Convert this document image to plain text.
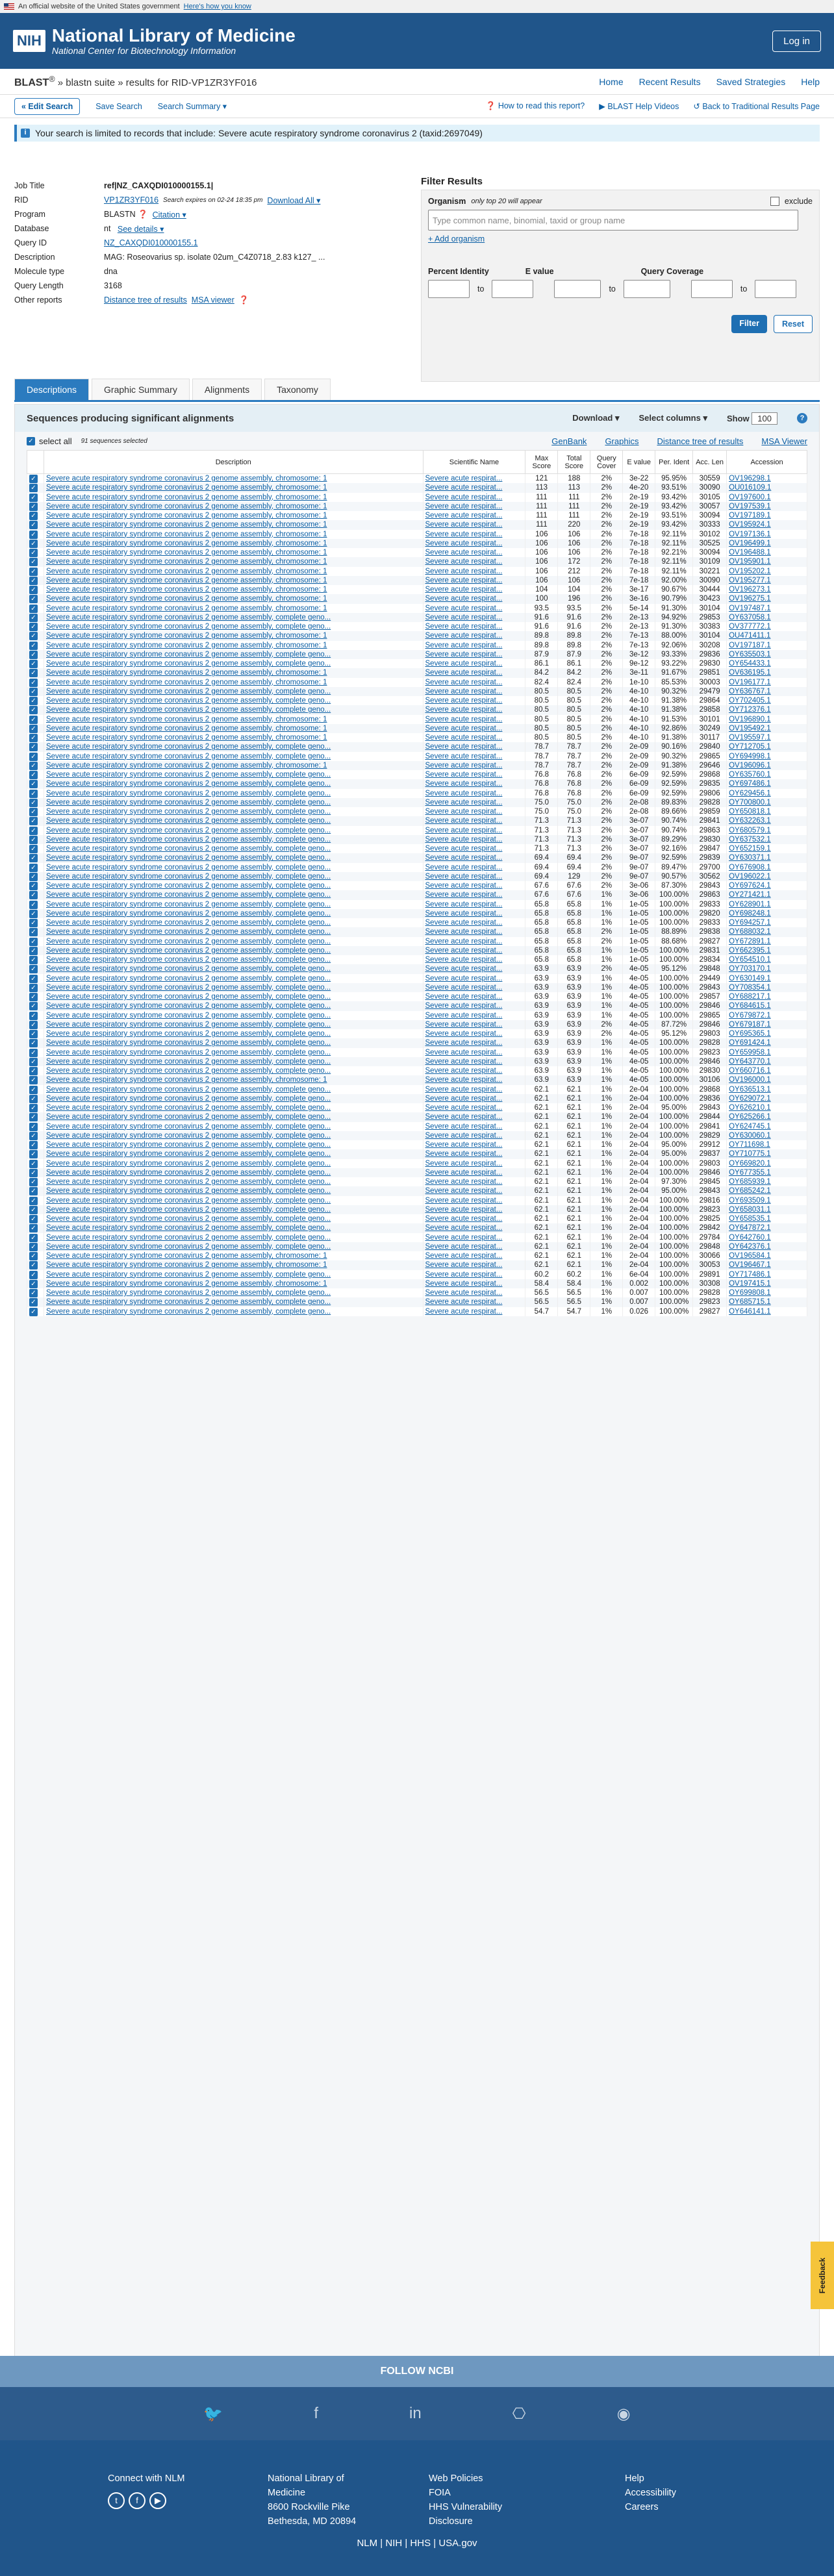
An official website of the United States government Here's how you know
NIH National Library of Medicine
National Center for Biotechnology Information
Log in
BLAST® » blastn suite » results for RID-VP1ZR3YF016	Home Recent Results Saved Strategies Help
« Edit Search	Save Search Search Summary ▾	❓ How to read this report? ▶ BLAST Help Videos ↺ Back to Traditional Results Page
i Your search is limited to records that include: Severe acute respiratory syndrome coronavirus 2 (taxid:2697049)
Job Title	ref|NZ_CAXQDI010000155.1|
RID	VP1ZR3YF016
Search expires on 02-24 18:35 pm
Download All ▾
Program	BLASTN
❓
Citation ▾
Database	nt
See details ▾
Query ID	NZ_CAXQDI010000155.1
Description	MAG: Roseovarius sp. isolate 02um_C4Z0718_2.83 k127_ ...
Molecule type	dna
Query Length	3168
Other reports	Distance tree of results
MSA viewer
❓
Filter Results
Organism only top 20 will appear	exclude
Type common name, binomial, taxid or group name
+ Add organism
Percent Identity	E value	Query Coverage
to	to	to
Filter	Reset
Descriptions	Graphic Summary	Alignments	Taxonomy
Sequences producing significant alignments	Download ▾ Select columns ▾ Show 100	?
✓ select all 91 sequences selected	GenBank Graphics Distance tree of results MSA Viewer
	Description	Scientific Name	Max Score	Total Score	Query Cover	E value	Per. Ident	Acc. Len	Accession
✓	Severe acute respiratory syndrome coronavirus 2 genome assembly, chromosome: 1	Severe acute respirat...	121	188	2%	3e-22	95.95%	30559	OV196298.1
✓	Severe acute respiratory syndrome coronavirus 2 genome assembly, chromosome: 1	Severe acute respirat...	113	113	2%	4e-20	93.51%	30090	OU016109.1
✓	Severe acute respiratory syndrome coronavirus 2 genome assembly, chromosome: 1	Severe acute respirat...	111	111	2%	2e-19	93.42%	30105	OV197600.1
✓	Severe acute respiratory syndrome coronavirus 2 genome assembly, chromosome: 1	Severe acute respirat...	111	111	2%	2e-19	93.42%	30057	OV197539.1
✓	Severe acute respiratory syndrome coronavirus 2 genome assembly, chromosome: 1	Severe acute respirat...	111	111	2%	2e-19	93.51%	30094	OV197189.1
✓	Severe acute respiratory syndrome coronavirus 2 genome assembly, chromosome: 1	Severe acute respirat...	111	220	2%	2e-19	93.42%	30333	OV195924.1
✓	Severe acute respiratory syndrome coronavirus 2 genome assembly, chromosome: 1	Severe acute respirat...	106	106	2%	7e-18	92.11%	30102	OV197136.1
✓	Severe acute respiratory syndrome coronavirus 2 genome assembly, chromosome: 1	Severe acute respirat...	106	106	2%	7e-18	92.11%	30525	OV196499.1
✓	Severe acute respiratory syndrome coronavirus 2 genome assembly, chromosome: 1	Severe acute respirat...	106	106	2%	7e-18	92.21%	30094	OV196488.1
✓	Severe acute respiratory syndrome coronavirus 2 genome assembly, chromosome: 1	Severe acute respirat...	106	172	2%	7e-18	92.11%	30109	OV195901.1
✓	Severe acute respiratory syndrome coronavirus 2 genome assembly, chromosome: 1	Severe acute respirat...	106	212	2%	7e-18	92.11%	30221	OV195202.1
✓	Severe acute respiratory syndrome coronavirus 2 genome assembly, chromosome: 1	Severe acute respirat...	106	106	2%	7e-18	92.00%	30090	OV195277.1
✓	Severe acute respiratory syndrome coronavirus 2 genome assembly, chromosome: 1	Severe acute respirat...	104	104	2%	3e-17	90.67%	30444	OV196273.1
✓	Severe acute respiratory syndrome coronavirus 2 genome assembly, chromosome: 1	Severe acute respirat...	100	196	2%	3e-16	90.79%	30423	OV196275.1
✓	Severe acute respiratory syndrome coronavirus 2 genome assembly, chromosome: 1	Severe acute respirat...	93.5	93.5	2%	5e-14	91.30%	30104	OV197487.1
✓	Severe acute respiratory syndrome coronavirus 2 genome assembly, complete geno...	Severe acute respirat...	91.6	91.6	2%	2e-13	94.92%	29853	OY637058.1
✓	Severe acute respiratory syndrome coronavirus 2 genome assembly, complete geno...	Severe acute respirat...	91.6	91.6	2%	2e-13	91.30%	30383	OV377772.1
✓	Severe acute respiratory syndrome coronavirus 2 genome assembly, chromosome: 1	Severe acute respirat...	89.8	89.8	2%	7e-13	88.00%	30104	OU471411.1
✓	Severe acute respiratory syndrome coronavirus 2 genome assembly, chromosome: 1	Severe acute respirat...	89.8	89.8	2%	7e-13	92.06%	30208	OV197187.1
✓	Severe acute respiratory syndrome coronavirus 2 genome assembly, complete geno...	Severe acute respirat...	87.9	87.9	2%	3e-12	93.33%	29836	OY635503.1
✓	Severe acute respiratory syndrome coronavirus 2 genome assembly, complete geno...	Severe acute respirat...	86.1	86.1	2%	9e-12	93.22%	29830	OY654433.1
✓	Severe acute respiratory syndrome coronavirus 2 genome assembly, chromosome: 1	Severe acute respirat...	84.2	84.2	2%	3e-11	91.67%	29851	OV636195.1
✓	Severe acute respiratory syndrome coronavirus 2 genome assembly, chromosome: 1	Severe acute respirat...	82.4	82.4	2%	1e-10	85.53%	30003	OV196177.1
✓	Severe acute respiratory syndrome coronavirus 2 genome assembly, complete geno...	Severe acute respirat...	80.5	80.5	2%	4e-10	90.32%	29479	OY636767.1
✓	Severe acute respiratory syndrome coronavirus 2 genome assembly, complete geno...	Severe acute respirat...	80.5	80.5	2%	4e-10	91.38%	29864	OY702405.1
✓	Severe acute respiratory syndrome coronavirus 2 genome assembly, complete geno...	Severe acute respirat...	80.5	80.5	2%	4e-10	91.38%	29858	OY712376.1
✓	Severe acute respiratory syndrome coronavirus 2 genome assembly, chromosome: 1	Severe acute respirat...	80.5	80.5	2%	4e-10	91.53%	30101	OV196890.1
✓	Severe acute respiratory syndrome coronavirus 2 genome assembly, chromosome: 1	Severe acute respirat...	80.5	80.5	2%	4e-10	92.86%	30249	OV195492.1
✓	Severe acute respiratory syndrome coronavirus 2 genome assembly, chromosome: 1	Severe acute respirat...	80.5	80.5	2%	4e-10	91.38%	30117	OV195597.1
✓	Severe acute respiratory syndrome coronavirus 2 genome assembly, complete geno...	Severe acute respirat...	78.7	78.7	2%	2e-09	90.16%	29840	OY712705.1
✓	Severe acute respiratory syndrome coronavirus 2 genome assembly, complete geno...	Severe acute respirat...	78.7	78.7	2%	2e-09	90.32%	29865	OY694998.1
✓	Severe acute respiratory syndrome coronavirus 2 genome assembly, chromosome: 1	Severe acute respirat...	78.7	78.7	2%	2e-09	91.38%	29646	OV196096.1
✓	Severe acute respiratory syndrome coronavirus 2 genome assembly, complete geno...	Severe acute respirat...	76.8	76.8	2%	6e-09	92.59%	29868	OY635760.1
✓	Severe acute respiratory syndrome coronavirus 2 genome assembly, complete geno...	Severe acute respirat...	76.8	76.8	2%	6e-09	92.59%	29835	OY697486.1
✓	Severe acute respiratory syndrome coronavirus 2 genome assembly, complete geno...	Severe acute respirat...	76.8	76.8	2%	6e-09	92.59%	29806	OY629456.1
✓	Severe acute respiratory syndrome coronavirus 2 genome assembly, complete geno...	Severe acute respirat...	75.0	75.0	2%	2e-08	89.83%	29828	OY700800.1
✓	Severe acute respiratory syndrome coronavirus 2 genome assembly, complete geno...	Severe acute respirat...	75.0	75.0	2%	2e-08	89.66%	29859	OY650818.1
✓	Severe acute respiratory syndrome coronavirus 2 genome assembly, complete geno...	Severe acute respirat...	71.3	71.3	2%	3e-07	90.74%	29841	OY632263.1
✓	Severe acute respiratory syndrome coronavirus 2 genome assembly, complete geno...	Severe acute respirat...	71.3	71.3	2%	3e-07	90.74%	29863	OY680579.1
✓	Severe acute respiratory syndrome coronavirus 2 genome assembly, complete geno...	Severe acute respirat...	71.3	71.3	2%	3e-07	89.29%	29830	OY637532.1
✓	Severe acute respiratory syndrome coronavirus 2 genome assembly, complete geno...	Severe acute respirat...	71.3	71.3	2%	3e-07	92.16%	29847	OY652159.1
✓	Severe acute respiratory syndrome coronavirus 2 genome assembly, complete geno...	Severe acute respirat...	69.4	69.4	2%	9e-07	92.59%	29839	OY630371.1
✓	Severe acute respiratory syndrome coronavirus 2 genome assembly, complete geno...	Severe acute respirat...	69.4	69.4	2%	9e-07	89.47%	29700	OY676908.1
✓	Severe acute respiratory syndrome coronavirus 2 genome assembly, complete geno...	Severe acute respirat...	69.4	129	2%	9e-07	90.57%	30562	OV196022.1
✓	Severe acute respiratory syndrome coronavirus 2 genome assembly, complete geno...	Severe acute respirat...	67.6	67.6	2%	3e-06	87.30%	29843	OY697624.1
✓	Severe acute respiratory syndrome coronavirus 2 genome assembly, complete geno...	Severe acute respirat...	67.6	67.6	1%	3e-06	100.00%	29863	OY271421.1
✓	Severe acute respiratory syndrome coronavirus 2 genome assembly, complete geno...	Severe acute respirat...	65.8	65.8	1%	1e-05	100.00%	29833	OY628901.1
✓	Severe acute respiratory syndrome coronavirus 2 genome assembly, complete geno...	Severe acute respirat...	65.8	65.8	1%	1e-05	100.00%	29820	OY698248.1
✓	Severe acute respiratory syndrome coronavirus 2 genome assembly, complete geno...	Severe acute respirat...	65.8	65.8	1%	1e-05	100.00%	29833	OY694257.1
✓	Severe acute respiratory syndrome coronavirus 2 genome assembly, complete geno...	Severe acute respirat...	65.8	65.8	2%	1e-05	88.89%	29838	OY688032.1
✓	Severe acute respiratory syndrome coronavirus 2 genome assembly, complete geno...	Severe acute respirat...	65.8	65.8	2%	1e-05	88.68%	29827	OY672891.1
✓	Severe acute respiratory syndrome coronavirus 2 genome assembly, complete geno...	Severe acute respirat...	65.8	65.8	1%	1e-05	100.00%	29831	OY662395.1
✓	Severe acute respiratory syndrome coronavirus 2 genome assembly, complete geno...	Severe acute respirat...	65.8	65.8	1%	1e-05	100.00%	29834	OY654510.1
✓	Severe acute respiratory syndrome coronavirus 2 genome assembly, complete geno...	Severe acute respirat...	63.9	63.9	2%	4e-05	95.12%	29848	OY703170.1
✓	Severe acute respiratory syndrome coronavirus 2 genome assembly, complete geno...	Severe acute respirat...	63.9	63.9	1%	4e-05	100.00%	29449	OY630149.1
✓	Severe acute respiratory syndrome coronavirus 2 genome assembly, complete geno...	Severe acute respirat...	63.9	63.9	1%	4e-05	100.00%	29843	OY708354.1
✓	Severe acute respiratory syndrome coronavirus 2 genome assembly, complete geno...	Severe acute respirat...	63.9	63.9	1%	4e-05	100.00%	29857	OY688217.1
✓	Severe acute respiratory syndrome coronavirus 2 genome assembly, complete geno...	Severe acute respirat...	63.9	63.9	1%	4e-05	100.00%	29846	OY684615.1
✓	Severe acute respiratory syndrome coronavirus 2 genome assembly, complete geno...	Severe acute respirat...	63.9	63.9	1%	4e-05	100.00%	29865	OY679872.1
✓	Severe acute respiratory syndrome coronavirus 2 genome assembly, complete geno...	Severe acute respirat...	63.9	63.9	2%	4e-05	87.72%	29846	OY679187.1
✓	Severe acute respiratory syndrome coronavirus 2 genome assembly, complete geno...	Severe acute respirat...	63.9	63.9	2%	4e-05	95.12%	29803	OY695365.1
✓	Severe acute respiratory syndrome coronavirus 2 genome assembly, complete geno...	Severe acute respirat...	63.9	63.9	1%	4e-05	100.00%	29828	OY691424.1
✓	Severe acute respiratory syndrome coronavirus 2 genome assembly, complete geno...	Severe acute respirat...	63.9	63.9	1%	4e-05	100.00%	29823	OY659958.1
✓	Severe acute respiratory syndrome coronavirus 2 genome assembly, complete geno...	Severe acute respirat...	63.9	63.9	1%	4e-05	100.00%	29846	OY643770.1
✓	Severe acute respiratory syndrome coronavirus 2 genome assembly, complete geno...	Severe acute respirat...	63.9	63.9	1%	4e-05	100.00%	29830	OY660716.1
✓	Severe acute respiratory syndrome coronavirus 2 genome assembly, chromosome: 1	Severe acute respirat...	63.9	63.9	1%	4e-05	100.00%	30106	OV196000.1
✓	Severe acute respiratory syndrome coronavirus 2 genome assembly, complete geno...	Severe acute respirat...	62.1	62.1	1%	2e-04	100.00%	29868	OY636513.1
✓	Severe acute respiratory syndrome coronavirus 2 genome assembly, complete geno...	Severe acute respirat...	62.1	62.1	1%	2e-04	100.00%	29836	OY629072.1
✓	Severe acute respiratory syndrome coronavirus 2 genome assembly, complete geno...	Severe acute respirat...	62.1	62.1	1%	2e-04	95.00%	29843	OY626210.1
✓	Severe acute respiratory syndrome coronavirus 2 genome assembly, complete geno...	Severe acute respirat...	62.1	62.1	1%	2e-04	100.00%	29844	OY625266.1
✓	Severe acute respiratory syndrome coronavirus 2 genome assembly, complete geno...	Severe acute respirat...	62.1	62.1	1%	2e-04	100.00%	29841	OY624745.1
✓	Severe acute respiratory syndrome coronavirus 2 genome assembly, complete geno...	Severe acute respirat...	62.1	62.1	1%	2e-04	100.00%	29829	OY630060.1
✓	Severe acute respiratory syndrome coronavirus 2 genome assembly, complete geno...	Severe acute respirat...	62.1	62.1	1%	2e-04	95.00%	29912	OY711698.1
✓	Severe acute respiratory syndrome coronavirus 2 genome assembly, complete geno...	Severe acute respirat...	62.1	62.1	1%	2e-04	95.00%	29837	OY710775.1
✓	Severe acute respiratory syndrome coronavirus 2 genome assembly, complete geno...	Severe acute respirat...	62.1	62.1	1%	2e-04	100.00%	29803	OY669820.1
✓	Severe acute respiratory syndrome coronavirus 2 genome assembly, complete geno...	Severe acute respirat...	62.1	62.1	1%	2e-04	100.00%	29846	OY677355.1
✓	Severe acute respiratory syndrome coronavirus 2 genome assembly, complete geno...	Severe acute respirat...	62.1	62.1	1%	2e-04	97.30%	29845	OY685939.1
✓	Severe acute respiratory syndrome coronavirus 2 genome assembly, complete geno...	Severe acute respirat...	62.1	62.1	1%	2e-04	95.00%	29843	OY685242.1
✓	Severe acute respiratory syndrome coronavirus 2 genome assembly, complete geno...	Severe acute respirat...	62.1	62.1	1%	2e-04	100.00%	29816	OY693509.1
✓	Severe acute respiratory syndrome coronavirus 2 genome assembly, complete geno...	Severe acute respirat...	62.1	62.1	1%	2e-04	100.00%	29823	OY658031.1
✓	Severe acute respiratory syndrome coronavirus 2 genome assembly, complete geno...	Severe acute respirat...	62.1	62.1	1%	2e-04	100.00%	29825	OY658535.1
✓	Severe acute respiratory syndrome coronavirus 2 genome assembly, complete geno...	Severe acute respirat...	62.1	62.1	1%	2e-04	100.00%	29842	OY647872.1
✓	Severe acute respiratory syndrome coronavirus 2 genome assembly, complete geno...	Severe acute respirat...	62.1	62.1	1%	2e-04	100.00%	29784	OY642760.1
✓	Severe acute respiratory syndrome coronavirus 2 genome assembly, complete geno...	Severe acute respirat...	62.1	62.1	1%	2e-04	100.00%	29848	OY642376.1
✓	Severe acute respiratory syndrome coronavirus 2 genome assembly, chromosome: 1	Severe acute respirat...	62.1	62.1	1%	2e-04	100.00%	30066	OV196584.1
✓	Severe acute respiratory syndrome coronavirus 2 genome assembly, chromosome: 1	Severe acute respirat...	62.1	62.1	1%	2e-04	100.00%	30053	OV196467.1
✓	Severe acute respiratory syndrome coronavirus 2 genome assembly, complete geno...	Severe acute respirat...	60.2	60.2	1%	6e-04	100.00%	29891	OY717486.1
✓	Severe acute respiratory syndrome coronavirus 2 genome assembly, chromosome: 1	Severe acute respirat...	58.4	58.4	1%	0.002	100.00%	30308	OV197415.1
✓	Severe acute respiratory syndrome coronavirus 2 genome assembly, complete geno...	Severe acute respirat...	56.5	56.5	1%	0.007	100.00%	29828	OY699808.1
✓	Severe acute respiratory syndrome coronavirus 2 genome assembly, complete geno...	Severe acute respirat...	56.5	56.5	1%	0.007	100.00%	29823	OY685715.1
✓	Severe acute respiratory syndrome coronavirus 2 genome assembly, complete geno...	Severe acute respirat...	54.7	54.7	1%	0.026	100.00%	29827	OY646141.1
FOLLOW NCBI
🐦	f	in	⎔	◉
Connect with NLM
t f ▶
National Library of
Medicine
8600 Rockville Pike
Bethesda, MD 20894
Web Policies
FOIA
HHS Vulnerability
Disclosure
Help
Accessibility
Careers
NLM | NIH | HHS | USA.gov
Feedback
